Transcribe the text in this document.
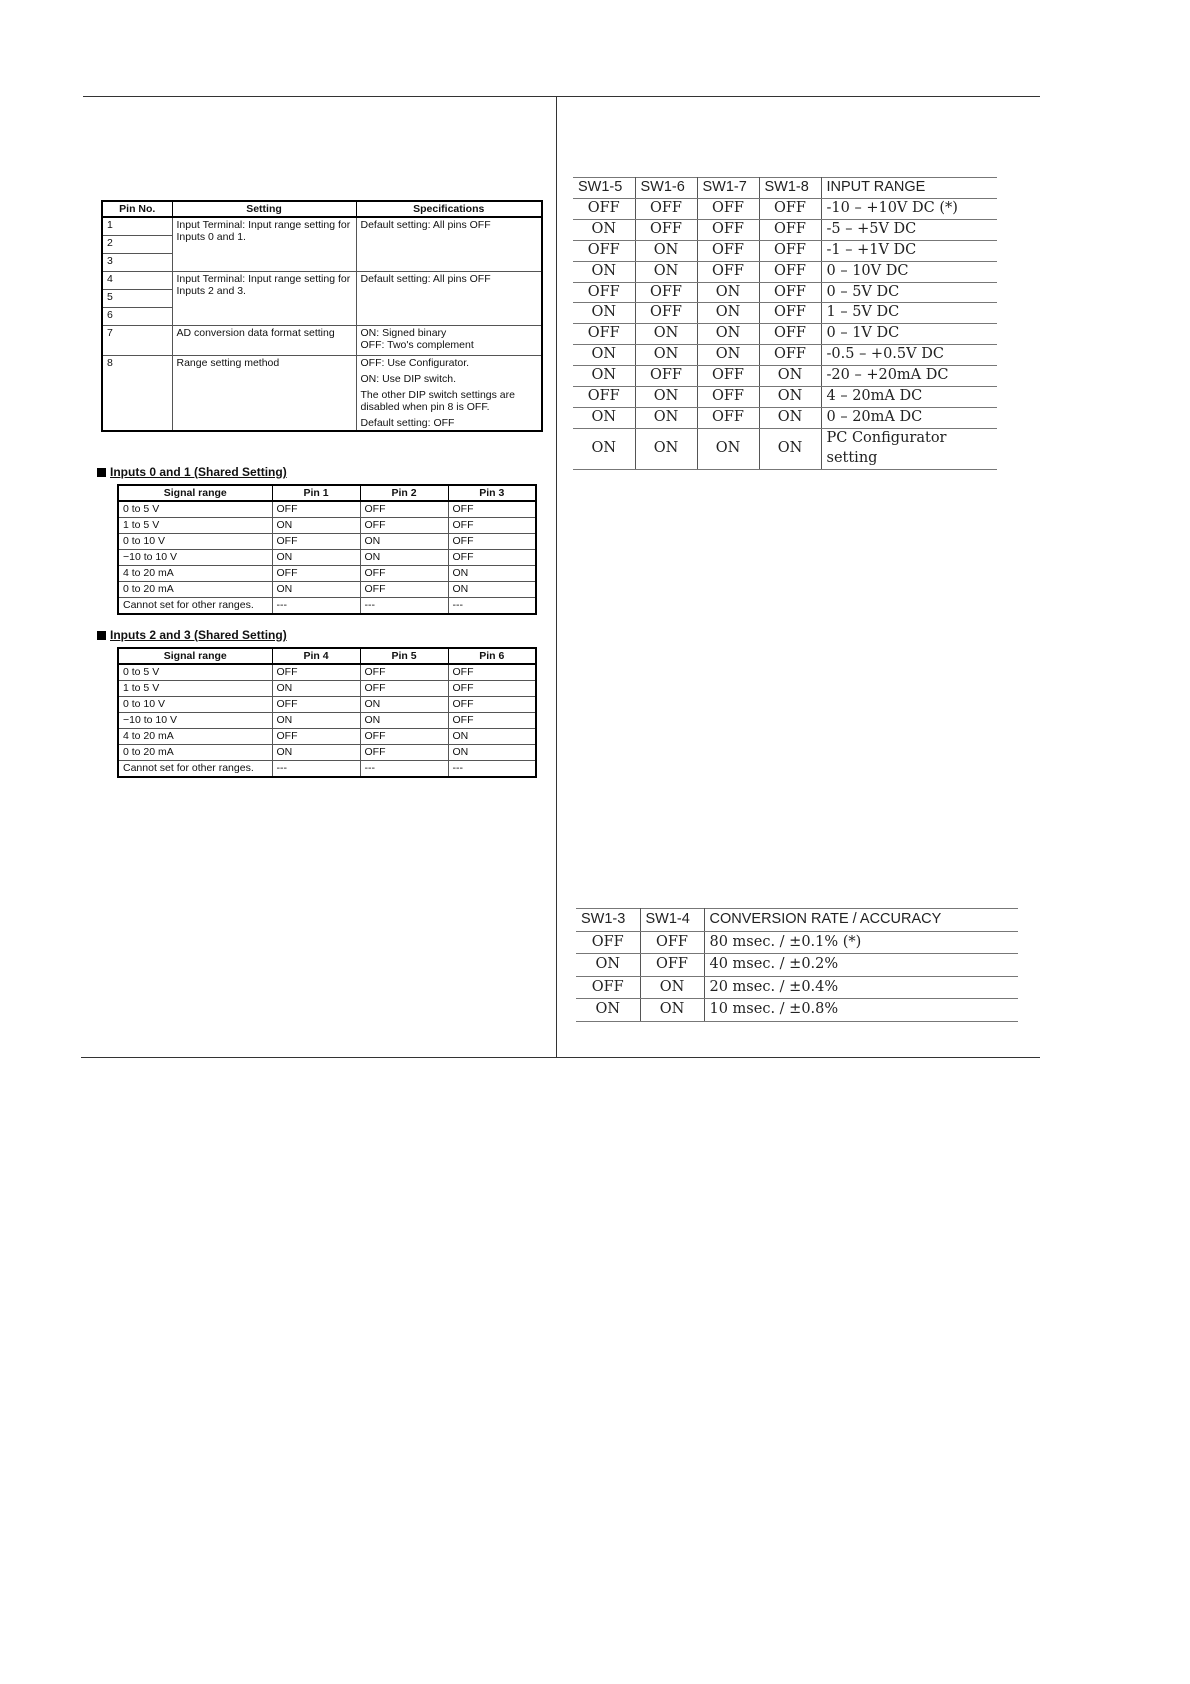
Pin No.	Setting	Specifications
1	Input Terminal: Input range setting for Inputs 0 and 1.	Default setting: All pins OFF
2		
3		
4	Input Terminal: Input range setting for Inputs 2 and 3.	Default setting: All pins OFF
5		
6		
7	AD conversion data format setting	ON: Signed binary
OFF: Two's complement

8	Range setting method	OFF: Use Configurator.

ON: Use DIP switch.

The other DIP switch settings are disabled when pin 8 is OFF.

Default setting: OFF

Inputs 0 and 1 (Shared Setting)
Signal range	Pin 1	Pin 2	Pin 3
0 to 5 V	OFF	OFF	OFF
1 to 5 V	ON	OFF	OFF
0 to 10 V	OFF	ON	OFF
−10 to 10 V	ON	ON	OFF
4 to 20 mA	OFF	OFF	ON
0 to 20 mA	ON	OFF	ON
Cannot set for other ranges.	---	---	---
Inputs 2 and 3 (Shared Setting)
Signal range	Pin 4	Pin 5	Pin 6
0 to 5 V	OFF	OFF	OFF
1 to 5 V	ON	OFF	OFF
0 to 10 V	OFF	ON	OFF
−10 to 10 V	ON	ON	OFF
4 to 20 mA	OFF	OFF	ON
0 to 20 mA	ON	OFF	ON
Cannot set for other ranges.	---	---	---
SW1-5	SW1-6	SW1-7	SW1-8	INPUT RANGE
OFF	OFF	OFF	OFF	-10 – +10V DC (*)
ON	OFF	OFF	OFF	-5 – +5V DC
OFF	ON	OFF	OFF	-1 – +1V DC
ON	ON	OFF	OFF	0 – 10V DC
OFF	OFF	ON	OFF	0 – 5V DC
ON	OFF	ON	OFF	1 – 5V DC
OFF	ON	ON	OFF	0 – 1V DC
ON	ON	ON	OFF	-0.5 – +0.5V DC
ON	OFF	OFF	ON	-20 – +20mA DC
OFF	ON	OFF	ON	4 – 20mA DC
ON	ON	OFF	ON	0 – 20mA DC
ON	ON	ON	ON	PC Configurator setting
SW1-3	SW1-4	CONVERSION RATE / ACCURACY
OFF	OFF	80 msec. / ±0.1% (*)
ON	OFF	40 msec. / ±0.2%
OFF	ON	20 msec. / ±0.4%
ON	ON	10 msec. / ±0.8%
